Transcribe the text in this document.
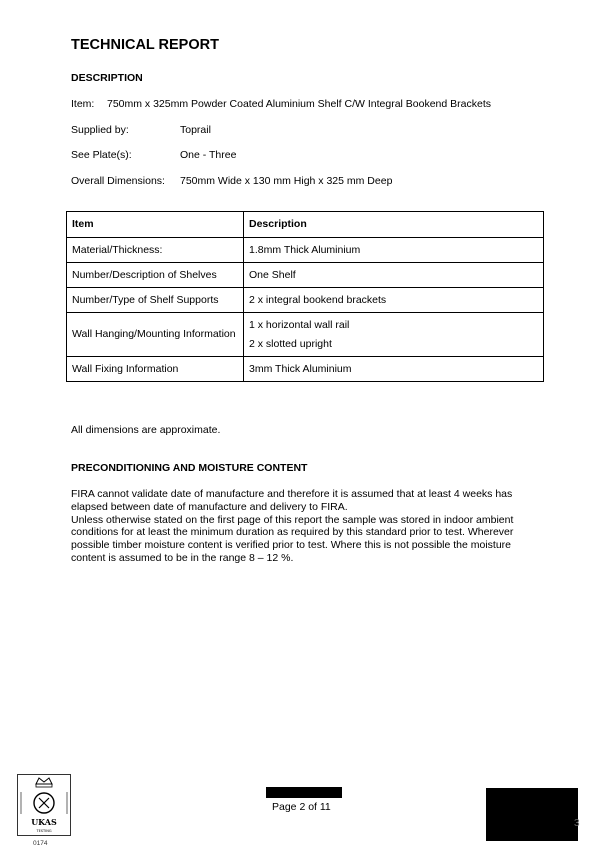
TECHNICAL REPORT
DESCRIPTION
Item: 750mm x 325mm Powder Coated Aluminium Shelf C/W Integral Bookend Brackets
Supplied by:	Toprail
See Plate(s):	One - Three
Overall Dimensions: 750mm Wide x 130 mm High x 325 mm Deep
Item	Description
Material/Thickness:	1.8mm Thick Aluminium
Number/Description of Shelves	One Shelf
Number/Type of Shelf Supports	2 x integral bookend brackets
Wall Hanging/Mounting Information	1 x horizontal wall rail
2 x slotted upright

Wall Fixing Information	3mm Thick Aluminium
All dimensions are approximate.
PRECONDITIONING AND MOISTURE CONTENT

FIRA cannot validate date of manufacture and therefore it is assumed that at least 4 weeks has elapsed between date of manufacture and delivery to FIRA.

Unless otherwise stated on the first page of this report the sample was stored in indoor ambient conditions for at least the minimum duration as required by this standard prior to test. Wherever possible timber moisture content is verified prior to test. Where this is not possible the moisture content is assumed to be in the range 8 – 12 %.

UKAS
TESTING
0174
Page 2 of 11
3
